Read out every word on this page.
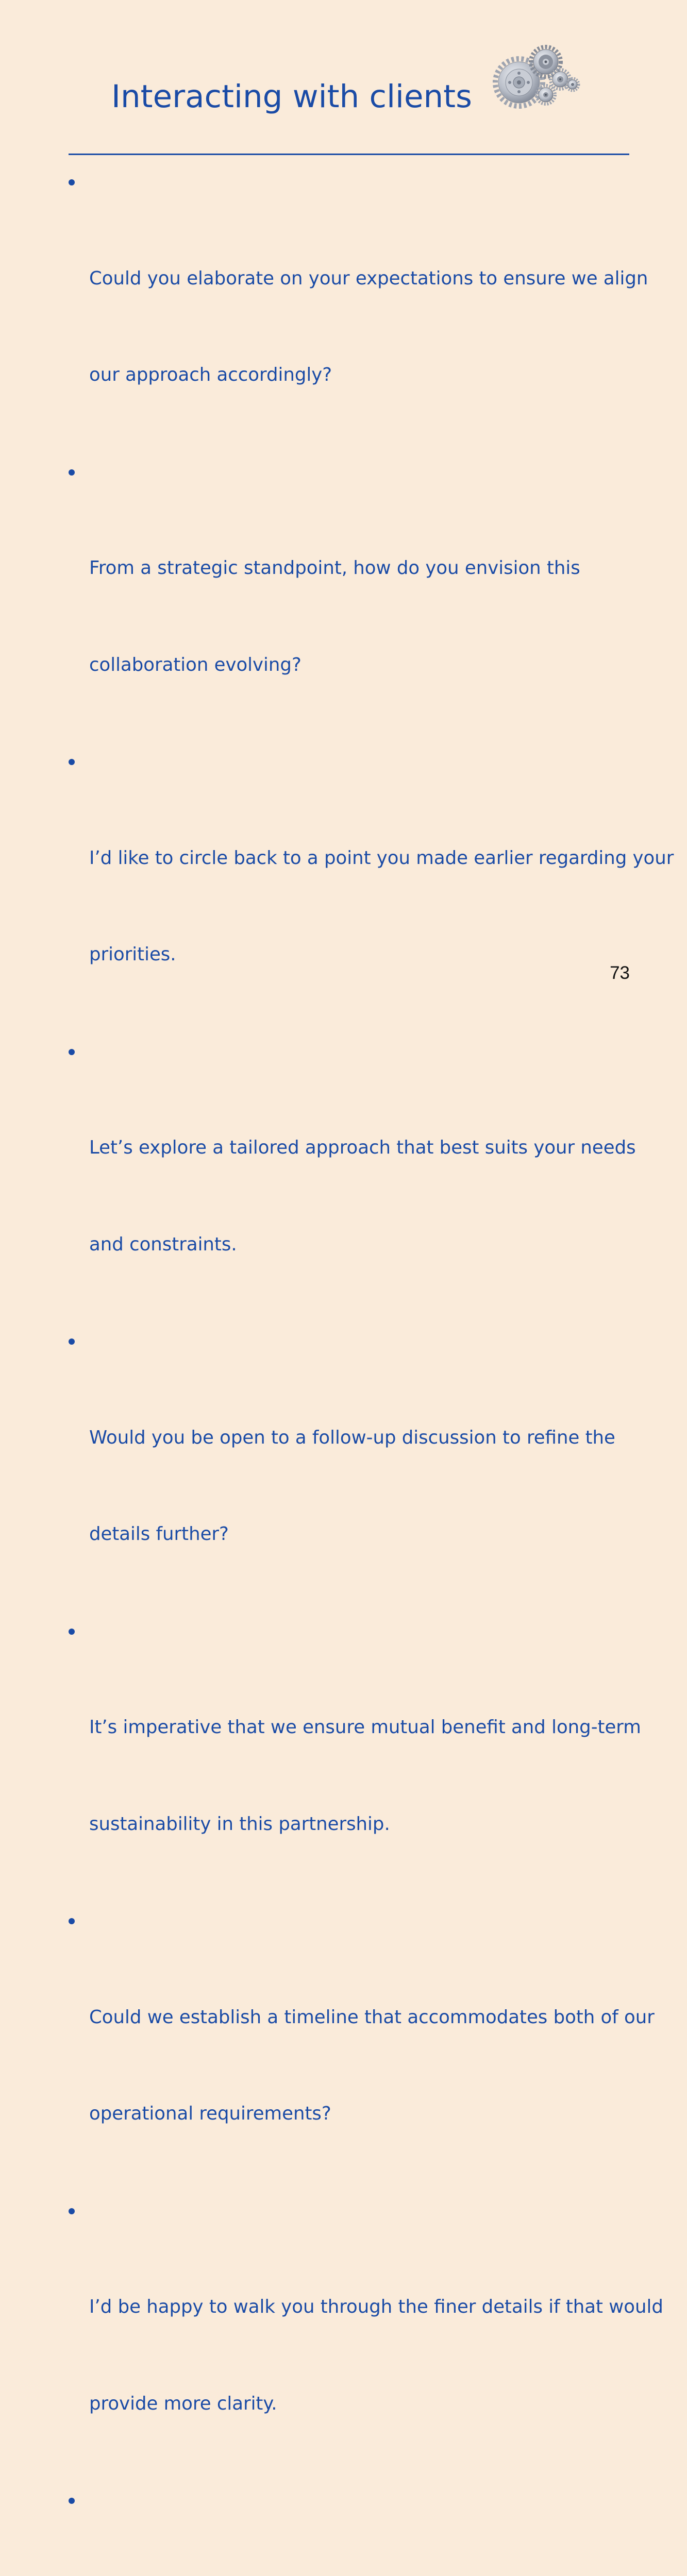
Interacting with clients

Could you elaborate on your expectations to ensure we align

our approach accordingly?

From a strategic standpoint, how do you envision this

collaboration evolving?

I’d like to circle back to a point you made earlier regarding your

priorities.

Let’s explore a tailored approach that best suits your needs

and constraints.

Would you be open to a follow-up discussion to refine the

details further?

It’s imperative that we ensure mutual benefit and long-term

sustainability in this partnership.

Could we establish a timeline that accommodates both of our

operational requirements?

I’d be happy to walk you through the finer details if that would

provide more clarity.

73
